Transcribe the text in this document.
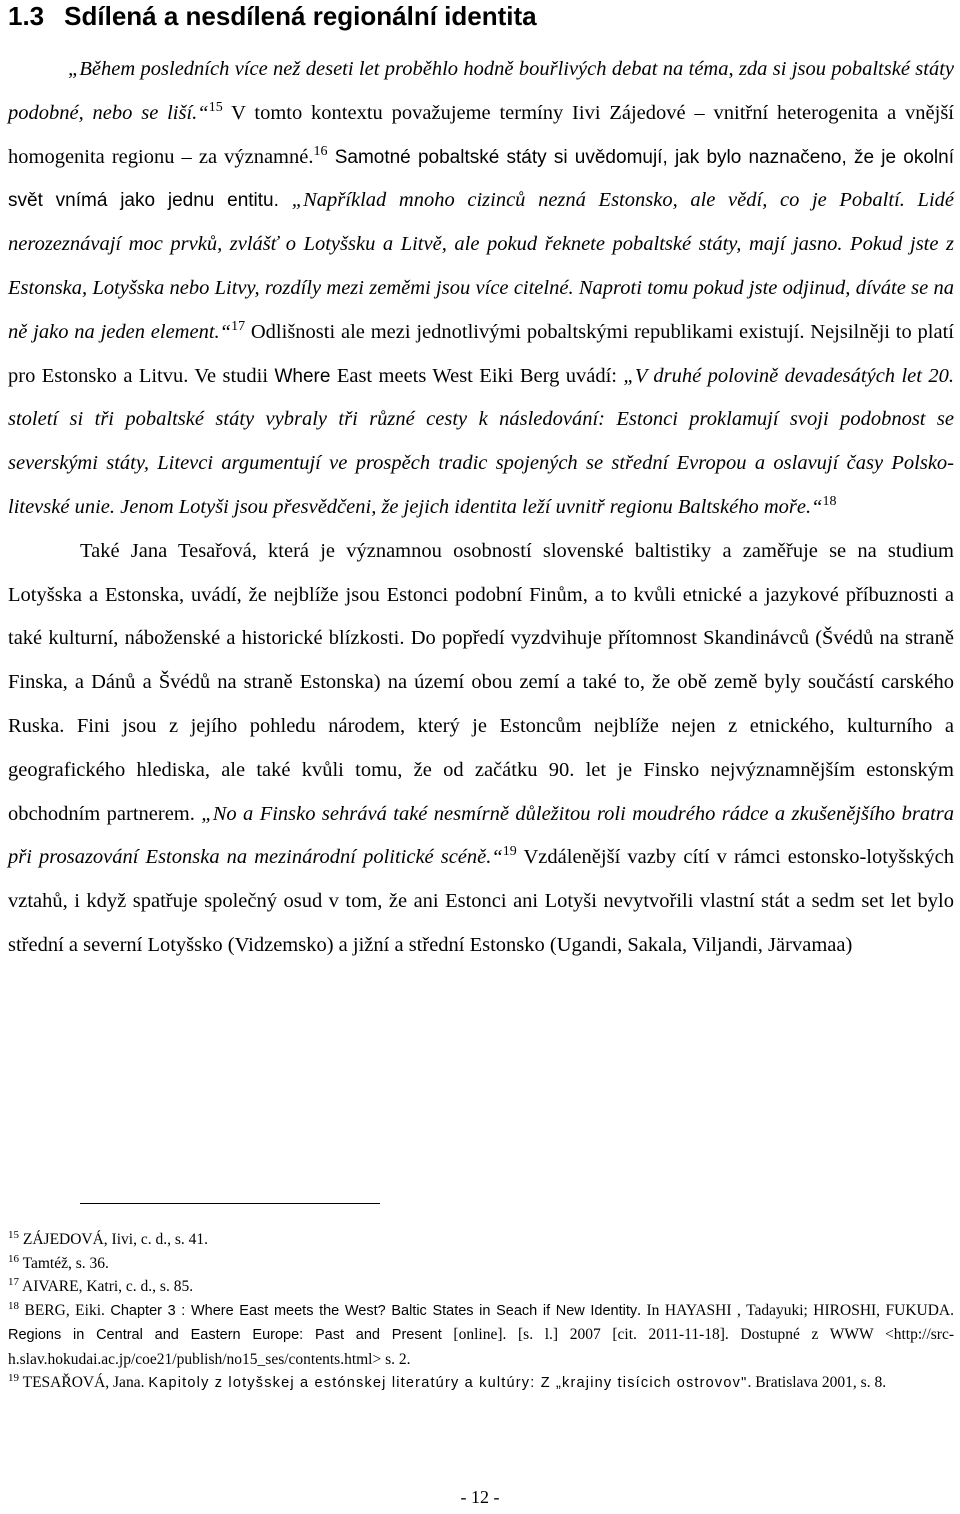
1.3 Sdílená a nesdílená regionální identita

„Během posledních více než deseti let proběhlo hodně bouřlivých debat na téma, zda si jsou pobaltské státy podobné, nebo se liší.“$^{15}$ V tomto kontextu považujeme termíny Iivi Zájedové ‒ vnitřní heterogenita a vnější homogenita regionu ‒ za významné.$^{16}$ Samotné pobaltské státy si uvědomují, jak bylo naznačeno, že je okolní svět vnímá jako jednu entitu. „Například mnoho cizinců nezná Estonsko, ale vědí, co je Pobaltí. Lidé nerozeznávají moc prvků, zvlášť o Lotyšsku a Litvě, ale pokud řeknete pobaltské státy, mají jasno. Pokud jste z Estonska, Lotyšska nebo Litvy, rozdíly mezi zeměmi jsou více citelné. Naproti tomu pokud jste odjinud, díváte se na ně jako na jeden element.“$^{17}$ Odlišnosti ale mezi jednotlivými pobaltskými republikami existují. Nejsilněji to platí pro Estonsko a Litvu. Ve studii Where East meets West Eiki Berg uvádí: „V druhé polovině devadesátých let 20. století si tři pobaltské státy vybraly tři různé cesty k následování: Estonci proklamují svoji podobnost se severskými státy, Litevci argumentují ve prospěch tradic spojených se střední Evropou a oslavují časy Polsko-litevské unie. Jenom Lotyši jsou přesvědčeni, že jejich identita leží uvnitř regionu Baltského moře.“$^{18}$

Také Jana Tesařová, která je významnou osobností slovenské baltistiky a zaměřuje se na studium Lotyšska a Estonska, uvádí, že nejblíže jsou Estonci podobní Finům, a to kvůli etnické a jazykové příbuznosti a také kulturní, náboženské a historické blízkosti. Do popředí vyzdvihuje přítomnost Skandinávců (Švédů na straně Finska, a Dánů a Švédů na straně Estonska) na území obou zemí a také to, že obě země byly součástí carského Ruska. Fini jsou z jejího pohledu národem, který je Estoncům nejblíže nejen z etnického, kulturního a geografického hlediska, ale také kvůli tomu, že od začátku 90. let je Finsko nejvýznamnějším estonským obchodním partnerem. „No a Finsko sehrává také nesmírně důležitou roli moudrého rádce a zkušenějšího bratra při prosazování Estonska na mezinárodní politické scéně.“$^{19}$ Vzdálenější vazby cítí v rámci estonsko-lotyšských vztahů, i když spatřuje společný osud v tom, že ani Estonci ani Lotyši nevytvořili vlastní stát a sedm set let bylo střední a severní Lotyšsko (Vidzemsko) a jižní a střední Estonsko (Ugandi, Sakala, Viljandi, Järvamaa)

$^{15}$ ZÁJEDOVÁ, Iivi, c. d., s. 41.

$^{16}$ Tamtéž, s. 36.

$^{17}$ AIVARE, Katri, c. d., s. 85.

$^{18}$ BERG, Eiki. Chapter 3 : Where East meets the West? Baltic States in Seach if New Identity. In HAYASHI , Tadayuki; HIROSHI, FUKUDA. Regions in Central and Eastern Europe: Past and Present [online]. [s. l.] 2007 [cit. 2011-11-18]. Dostupné z WWW <http://src-h.slav.hokudai.ac.jp/coe21/publish/no15_ses/contents.html> s. 2.

$^{19}$ TESAŘOVÁ, Jana. Kapitoly z lotyšskej a estónskej literatúry a kultúry: Z „krajiny tisícich ostrovov". Bratislava 2001, s. 8.

- 12 -
